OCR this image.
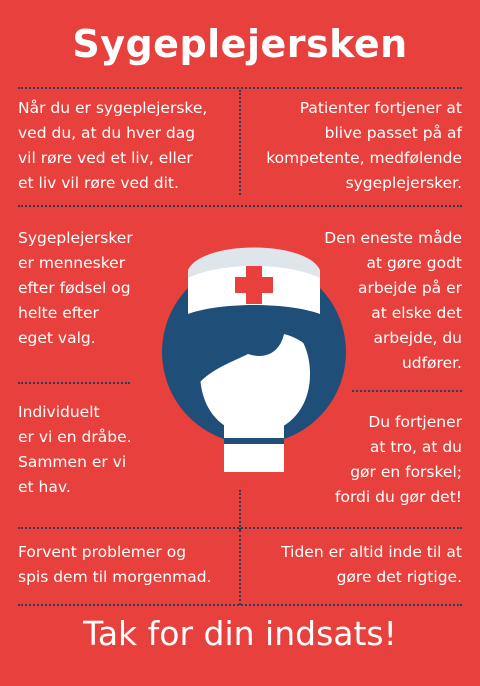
Sygeplejersken
Når du er sygeplejerske,
ved du, at du hver dag
vil røre ved et liv, eller
et liv vil røre ved dit.
Patienter fortjener at
blive passet på af
kompetente, medfølende
sygeplejersker.
Sygeplejersker
er mennesker
efter fødsel og
helte efter
eget valg.
Den eneste måde
at gøre godt
arbejde på er
at elske det
arbejde, du
udfører.
Individuelt
er vi en dråbe.
Sammen er vi
et hav.
Du fortjener
at tro, at du
gør en forskel;
fordi du gør det!
Forvent problemer og
spis dem til morgenmad.
Tiden er altid inde til at
gøre det rigtige.
Tak for din indsats!
